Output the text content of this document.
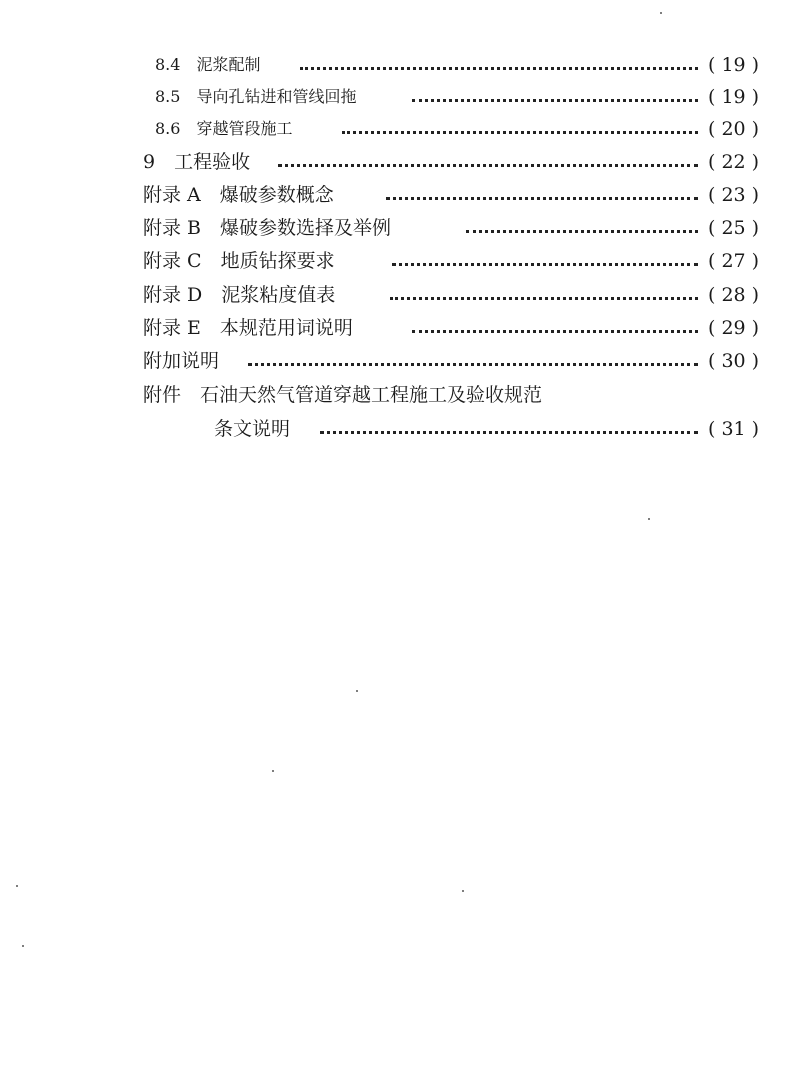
8.4　泥浆配制	( 19 )
8.5　导向孔钻进和管线回拖	( 19 )
8.6　穿越管段施工	( 20 )
9　工程验收	( 22 )
附录 A　爆破参数概念	( 23 )
附录 B　爆破参数选择及举例	( 25 )
附录 C　地质钻探要求	( 27 )
附录 D　泥浆粘度值表	( 28 )
附录 E　本规范用词说明	( 29 )
附加说明	( 30 )
附件　石油天然气管道穿越工程施工及验收规范
条文说明	( 31 )
